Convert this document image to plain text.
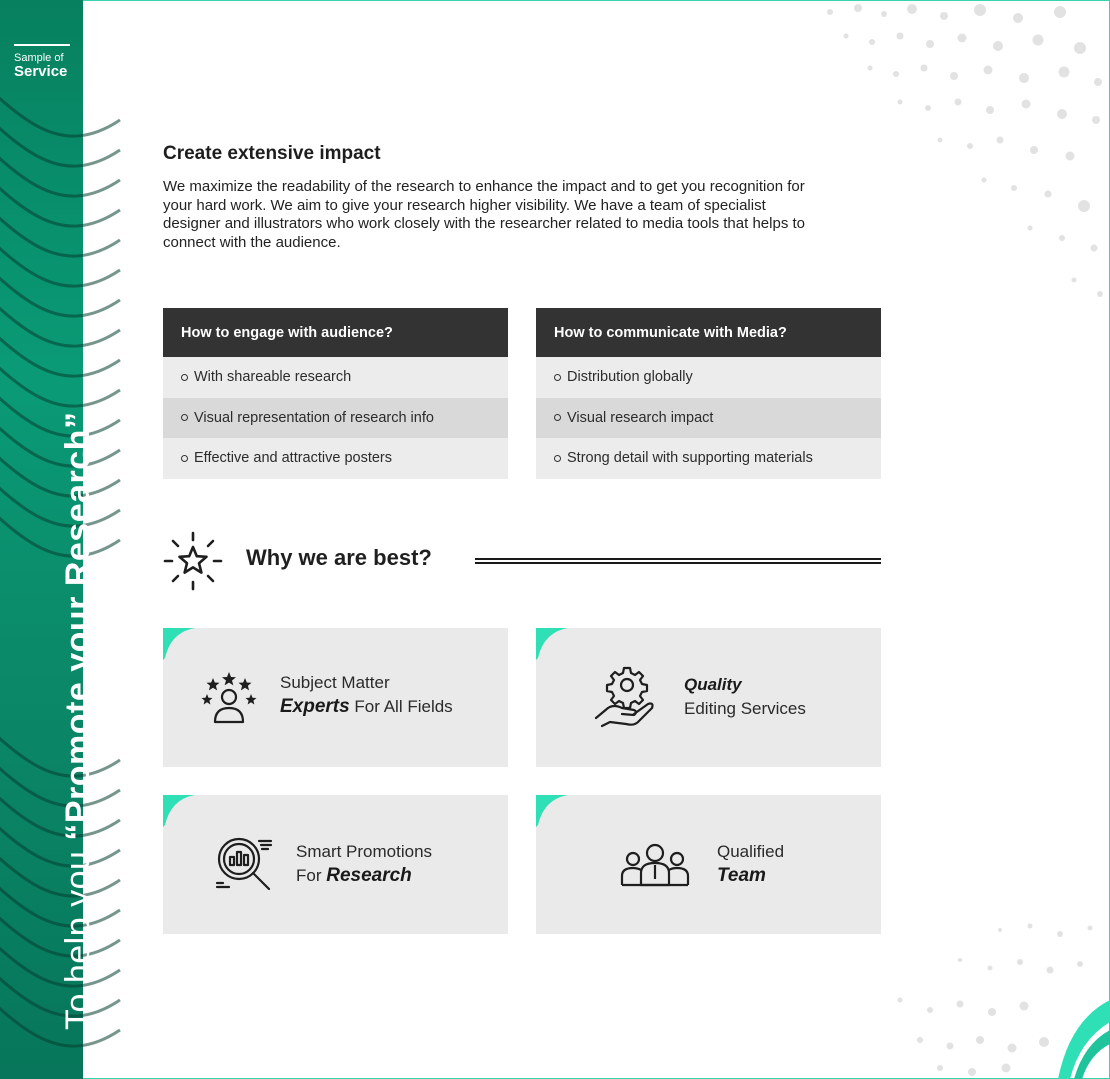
Sample of
Service
To help you “Promote your Research”
Create extensive impact

We maximize the readability of the research to enhance the impact and to get you recognition for your hard work. We aim to give your research higher visibility. We have a team of specialist designer and illustrators who work closely with the researcher related to media tools that helps to connect with the audience.

How to engage with audience?
With shareable research
Visual representation of research info
Effective and attractive posters
How to communicate with Media?
Distribution globally
Visual research impact
Strong detail with supporting materials
Why we are best?
Subject Matter
Experts For All Fields
Quality
Editing Services
Smart Promotions
For Research
Qualified
Team
